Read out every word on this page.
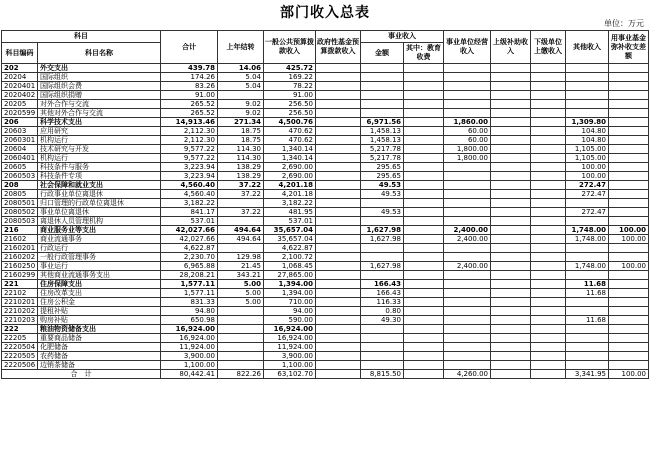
部门收入总表
单位：万元
科目		合计	上年结转	一般公共预算拨款收入	政府性基金预算拨款收入	事业收入		事业单位经营收入	上级补助收入	下级单位上缴收入	其他收入	用事业基金弥补收支差额
科目编码	科目名称					金额	其中：教育收费					
202	外交支出	439.78	14.06	425.72								
20204	国际组织	174.26	5.04	169.22								
2020401	国际组织会费	83.26	5.04	78.22								
2020402	国际组织捐赠	91.00		91.00								
20205	对外合作与交流	265.52	9.02	256.50								
2020599	其他对外合作与交流	265.52	9.02	256.50								
206	科学技术支出	14,913.46	271.34	4,500.76		6,971.56		1,860.00			1,309.80	
20603	应用研究	2,112.30	18.75	470.62		1,458.13		60.00			104.80	
2060301	机构运行	2,112.30	18.75	470.62		1,458.13		60.00			104.80	
20604	技术研究与开发	9,577.22	114.30	1,340.14		5,217.78		1,800.00			1,105.00	
2060401	机构运行	9,577.22	114.30	1,340.14		5,217.78		1,800.00			1,105.00	
20605	科技条件与服务	3,223.94	138.29	2,690.00		295.65					100.00	
2060503	科技条件专项	3,223.94	138.29	2,690.00		295.65					100.00	
208	社会保障和就业支出	4,560.40	37.22	4,201.18		49.53					272.47	
20805	行政事业单位离退休	4,560.40	37.22	4,201.18		49.53					272.47	
2080501	归口管理的行政单位离退休	3,182.22		3,182.22								
2080502	事业单位离退休	841.17	37.22	481.95		49.53					272.47	
2080503	离退休人员管理机构	537.01		537.01								
216	商业服务业等支出	42,027.66	494.64	35,657.04		1,627.98		2,400.00			1,748.00	100.00
21602	商业流通事务	42,027.66	494.64	35,657.04		1,627.98		2,400.00			1,748.00	100.00
2160201	行政运行	4,622.87		4,622.87								
2160202	一般行政管理事务	2,230.70	129.98	2,100.72								
2160250	事业运行	6,965.88	21.45	1,068.45		1,627.98		2,400.00			1,748.00	100.00
2160299	其他商业流通事务支出	28,208.21	343.21	27,865.00								
221	住房保障支出	1,577.11	5.00	1,394.00		166.43					11.68	
22102	住房改革支出	1,577.11	5.00	1,394.00		166.43					11.68	
2210201	住房公积金	831.33	5.00	710.00		116.33						
2210202	提租补贴	94.80		94.00		0.80						
2210203	购房补贴	650.98		590.00		49.30					11.68	
222	粮油物资储备支出	16,924.00		16,924.00								
22205	重要商品储备	16,924.00		16,924.00								
2220504	化肥储备	11,924.00		11,924.00								
2220505	农药储备	3,900.00		3,900.00								
2220506	边销茶储备	1,100.00		1,100.00								
合　计		80,442.41	822.26	63,102.70		8,815.50		4,260.00			3,341.95	100.00
